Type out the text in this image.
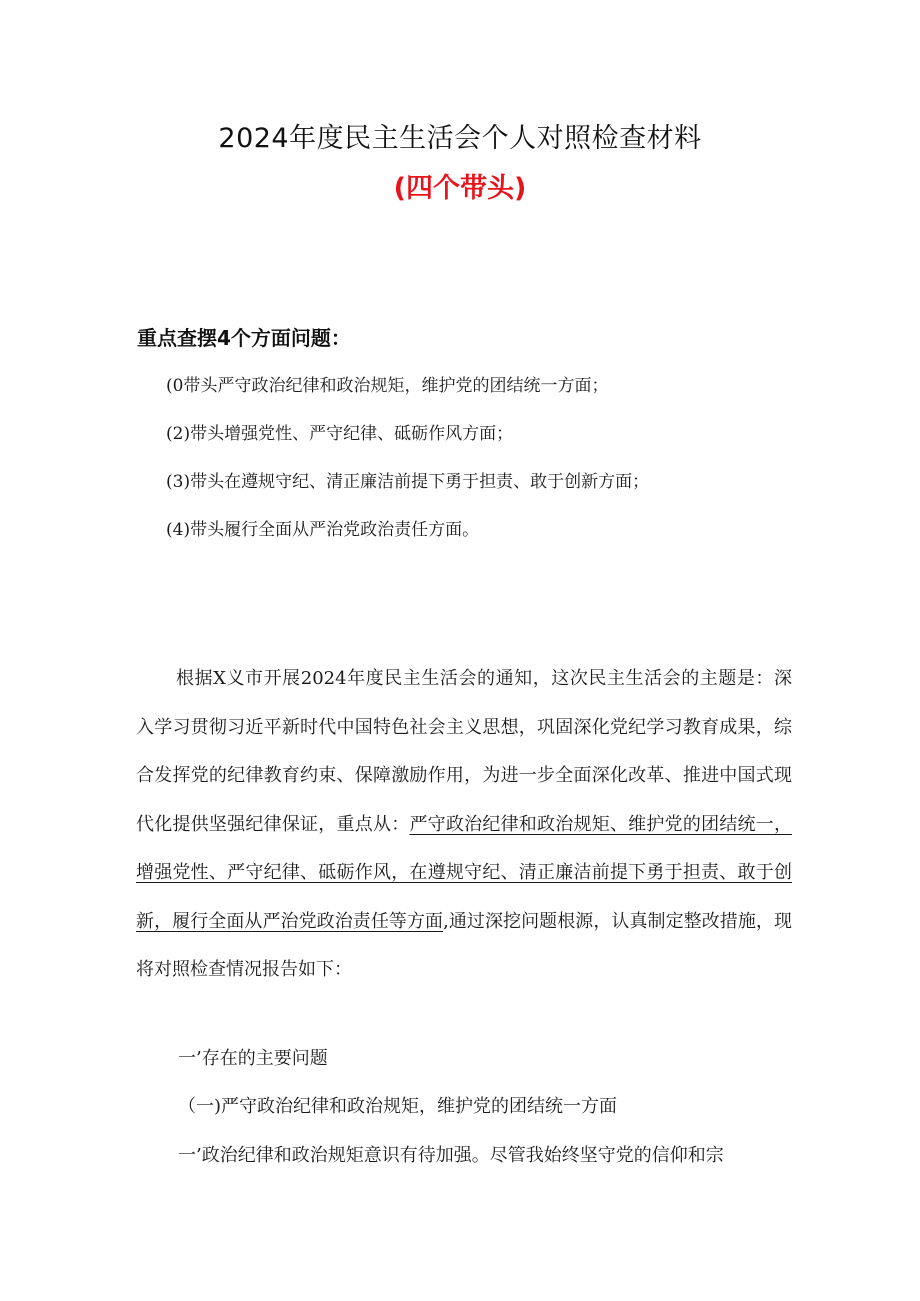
2024年度民主生活会个人对照检查材料
(四个带头)
重点查摆4个方面问题：
(0带头严守政治纪律和政治规矩，维护党的团结统一方面；
(2)带头增强党性、严守纪律、砥砺作风方面；
(3)带头在遵规守纪、清正廉洁前提下勇于担责、敢于创新方面；
(4)带头履行全面从严治党政治责任方面。

根据X义市开展2024年度民主生活会的通知，这次民主生活会的主题是：深入学习贯彻习近平新时代中国特色社会主义思想，巩固深化党纪学习教育成果，综合发挥党的纪律教育约束、保障激励作用，为进一步全面深化改革、推进中国式现代化提供坚强纪律保证，重点从：严守政治纪律和政治规矩、维护党的团结统一，增强党性、严守纪律、砥砺作风，在遵规守纪、清正廉洁前提下勇于担责、敢于创新，履行全面从严治党政治责任等方面,通过深挖问题根源，认真制定整改措施，现将对照检查情况报告如下：

一’存在的主要问题

（一)严守政治纪律和政治规矩，维护党的团结统一方面

一’政治纪律和政治规矩意识有待加强。尽管我始终坚守党的信仰和宗
